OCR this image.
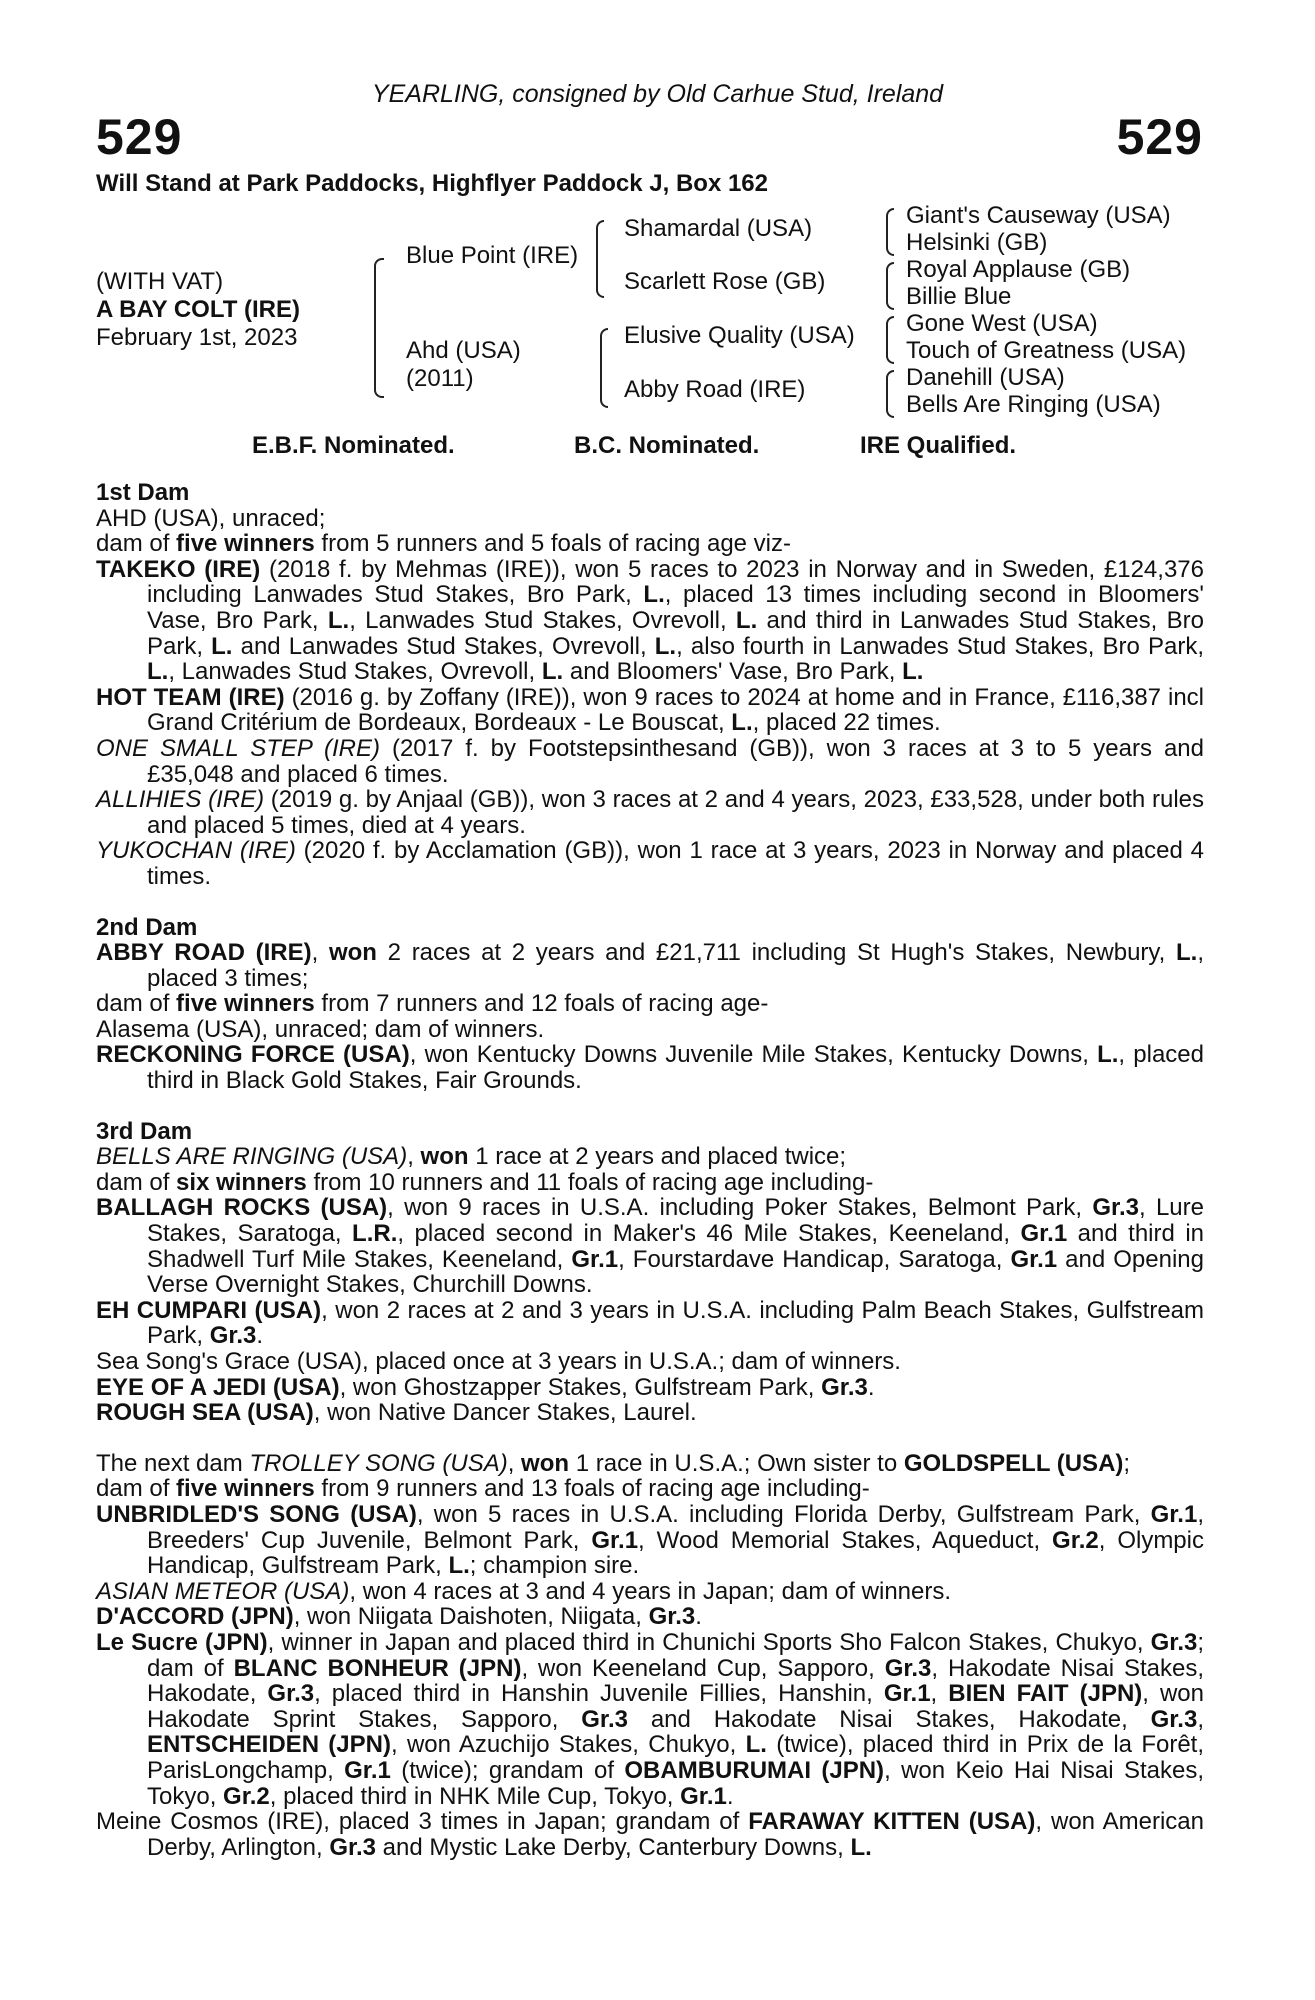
YEARLING, consigned by Old Carhue Stud, Ireland
529	529
Will Stand at Park Paddocks, Highflyer Paddock J, Box 162
(WITH VAT)
A BAY COLT (IRE)
February 1st, 2023
Blue Point (IRE)
Ahd (USA)
(2011)
Shamardal (USA)
Scarlett Rose (GB)
Elusive Quality (USA)
Abby Road (IRE)
Giant's Causeway (USA)
Helsinki (GB)
Royal Applause (GB)
Billie Blue
Gone West (USA)
Touch of Greatness (USA)
Danehill (USA)
Bells Are Ringing (USA)
E.B.F. Nominated.	B.C. Nominated.	IRE Qualified.

1st Dam

AHD (USA), unraced;

dam of five winners from 5 runners and 5 foals of racing age viz-

TAKEKO (IRE) (2018 f. by Mehmas (IRE)), won 5 races to 2023 in Norway and in Sweden, £124,376 including Lanwades Stud Stakes, Bro Park, L., placed 13 times including second in Bloomers' Vase, Bro Park, L., Lanwades Stud Stakes, Ovrevoll, L. and third in Lanwades Stud Stakes, Bro Park, L. and Lanwades Stud Stakes, Ovrevoll, L., also fourth in Lanwades Stud Stakes, Bro Park, L., Lanwades Stud Stakes, Ovrevoll, L. and Bloomers' Vase, Bro Park, L.

HOT TEAM (IRE) (2016 g. by Zoffany (IRE)), won 9 races to 2024 at home and in France, £116,387 incl Grand Critérium de Bordeaux, Bordeaux - Le Bouscat, L., placed 22 times.

ONE SMALL STEP (IRE) (2017 f. by Footstepsinthesand (GB)), won 3 races at 3 to 5 years and £35,048 and placed 6 times.

ALLIHIES (IRE) (2019 g. by Anjaal (GB)), won 3 races at 2 and 4 years, 2023, £33,528, under both rules and placed 5 times, died at 4 years.

YUKOCHAN (IRE) (2020 f. by Acclamation (GB)), won 1 race at 3 years, 2023 in Norway and placed 4 times.

2nd Dam

ABBY ROAD (IRE), won 2 races at 2 years and £21,711 including St Hugh's Stakes, Newbury, L., placed 3 times;

dam of five winners from 7 runners and 12 foals of racing age-

Alasema (USA), unraced; dam of winners.

RECKONING FORCE (USA), won Kentucky Downs Juvenile Mile Stakes, Kentucky Downs, L., placed third in Black Gold Stakes, Fair Grounds.

3rd Dam

BELLS ARE RINGING (USA), won 1 race at 2 years and placed twice;

dam of six winners from 10 runners and 11 foals of racing age including-

BALLAGH ROCKS (USA), won 9 races in U.S.A. including Poker Stakes, Belmont Park, Gr.3, Lure Stakes, Saratoga, L.R., placed second in Maker's 46 Mile Stakes, Keeneland, Gr.1 and third in Shadwell Turf Mile Stakes, Keeneland, Gr.1, Fourstardave Handicap, Saratoga, Gr.1 and Opening Verse Overnight Stakes, Churchill Downs.

EH CUMPARI (USA), won 2 races at 2 and 3 years in U.S.A. including Palm Beach Stakes, Gulfstream Park, Gr.3.

Sea Song's Grace (USA), placed once at 3 years in U.S.A.; dam of winners.

EYE OF A JEDI (USA), won Ghostzapper Stakes, Gulfstream Park, Gr.3.

ROUGH SEA (USA), won Native Dancer Stakes, Laurel.

The next dam TROLLEY SONG (USA), won 1 race in U.S.A.; Own sister to GOLDSPELL (USA);

dam of five winners from 9 runners and 13 foals of racing age including-

UNBRIDLED'S SONG (USA), won 5 races in U.S.A. including Florida Derby, Gulfstream Park, Gr.1, Breeders' Cup Juvenile, Belmont Park, Gr.1, Wood Memorial Stakes, Aqueduct, Gr.2, Olympic Handicap, Gulfstream Park, L.; champion sire.

ASIAN METEOR (USA), won 4 races at 3 and 4 years in Japan; dam of winners.

D'ACCORD (JPN), won Niigata Daishoten, Niigata, Gr.3.

Le Sucre (JPN), winner in Japan and placed third in Chunichi Sports Sho Falcon Stakes, Chukyo, Gr.3; dam of BLANC BONHEUR (JPN), won Keeneland Cup, Sapporo, Gr.3, Hakodate Nisai Stakes, Hakodate, Gr.3, placed third in Hanshin Juvenile Fillies, Hanshin, Gr.1, BIEN FAIT (JPN), won Hakodate Sprint Stakes, Sapporo, Gr.3 and Hakodate Nisai Stakes, Hakodate, Gr.3, ENTSCHEIDEN (JPN), won Azuchijo Stakes, Chukyo, L. (twice), placed third in Prix de la Forêt, ParisLongchamp, Gr.1 (twice); grandam of OBAMBURUMAI (JPN), won Keio Hai Nisai Stakes, Tokyo, Gr.2, placed third in NHK Mile Cup, Tokyo, Gr.1.

Meine Cosmos (IRE), placed 3 times in Japan; grandam of FARAWAY KITTEN (USA), won American Derby, Arlington, Gr.3 and Mystic Lake Derby, Canterbury Downs, L.
